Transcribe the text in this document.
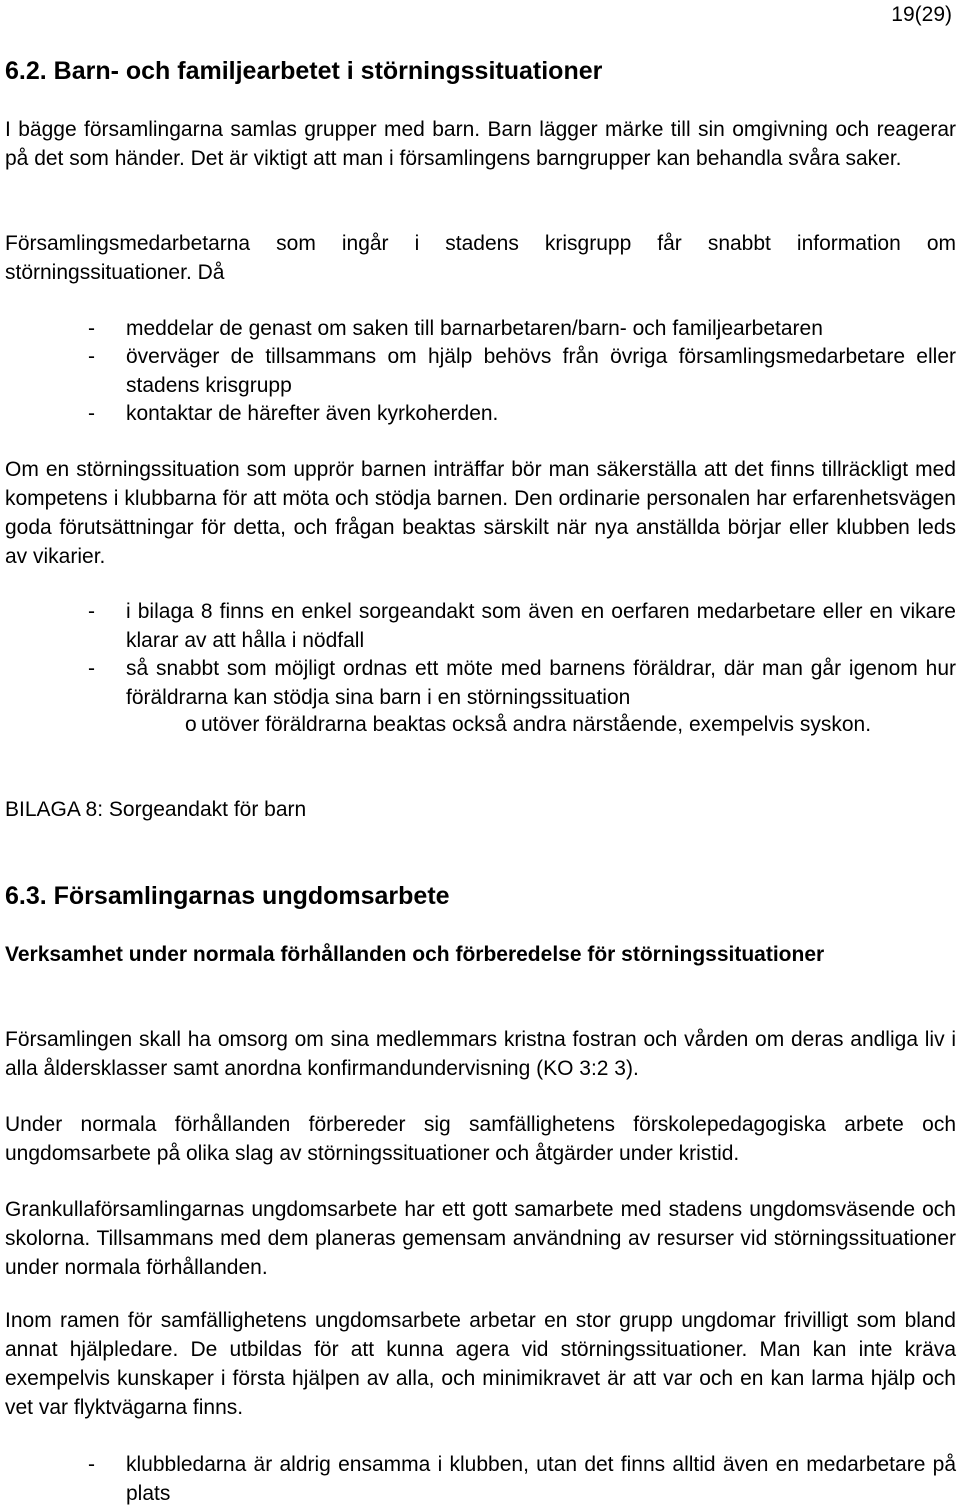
19(29)
6.2. Barn- och familjearbetet i störningssituationer

I bägge församlingarna samlas grupper med barn. Barn lägger märke till sin omgivning och reagerar på det som händer. Det är viktigt att man i församlingens barngrupper kan behandla svåra saker.

Församlingsmedarbetarna som ingår i stadens krisgrupp får snabbt information om störningssituationer. Då

- meddelar de genast om saken till barnarbetaren/barn- och familjearbetaren
- överväger de tillsammans om hjälp behövs från övriga församlingsmedarbetare eller stadens krisgrupp
- kontaktar de härefter även kyrkoherden.

Om en störningssituation som upprör barnen inträffar bör man säkerställa att det finns tillräckligt med kompetens i klubbarna för att möta och stödja barnen. Den ordinarie personalen har erfarenhetsvägen goda förutsättningar för detta, och frågan beaktas särskilt när nya anställda börjar eller klubben leds av vikarier.

- i bilaga 8 finns en enkel sorgeandakt som även en oerfaren medarbetare eller en vikare klarar av att hålla i nödfall
- så snabbt som möjligt ordnas ett möte med barnens föräldrar, där man går igenom hur föräldrarna kan stödja sina barn i en störningssituation
o utöver föräldrarna beaktas också andra närstående, exempelvis syskon.

BILAGA 8: Sorgeandakt för barn

6.3. Församlingarnas ungdomsarbete
Verksamhet under normala förhållanden och förberedelse för störningssituationer

Församlingen skall ha omsorg om sina medlemmars kristna fostran och vården om deras andliga liv i alla åldersklasser samt anordna konfirmandundervisning (KO 3:2 3).

Under normala förhållanden förbereder sig samfällighetens förskolepedagogiska arbete och ungdomsarbete på olika slag av störningssituationer och åtgärder under kristid.

Grankullaförsamlingarnas ungdomsarbete har ett gott samarbete med stadens ungdomsväsende och skolorna. Tillsammans med dem planeras gemensam användning av resurser vid störningssituationer under normala förhållanden.

Inom ramen för samfällighetens ungdomsarbete arbetar en stor grupp ungdomar frivilligt som bland annat hjälpledare. De utbildas för att kunna agera vid störningssituationer. Man kan inte kräva exempelvis kunskaper i första hjälpen av alla, och minimikravet är att var och en kan larma hjälp och vet var flyktvägarna finns.

- klubbledarna är aldrig ensamma i klubben, utan det finns alltid även en medarbetare på plats
